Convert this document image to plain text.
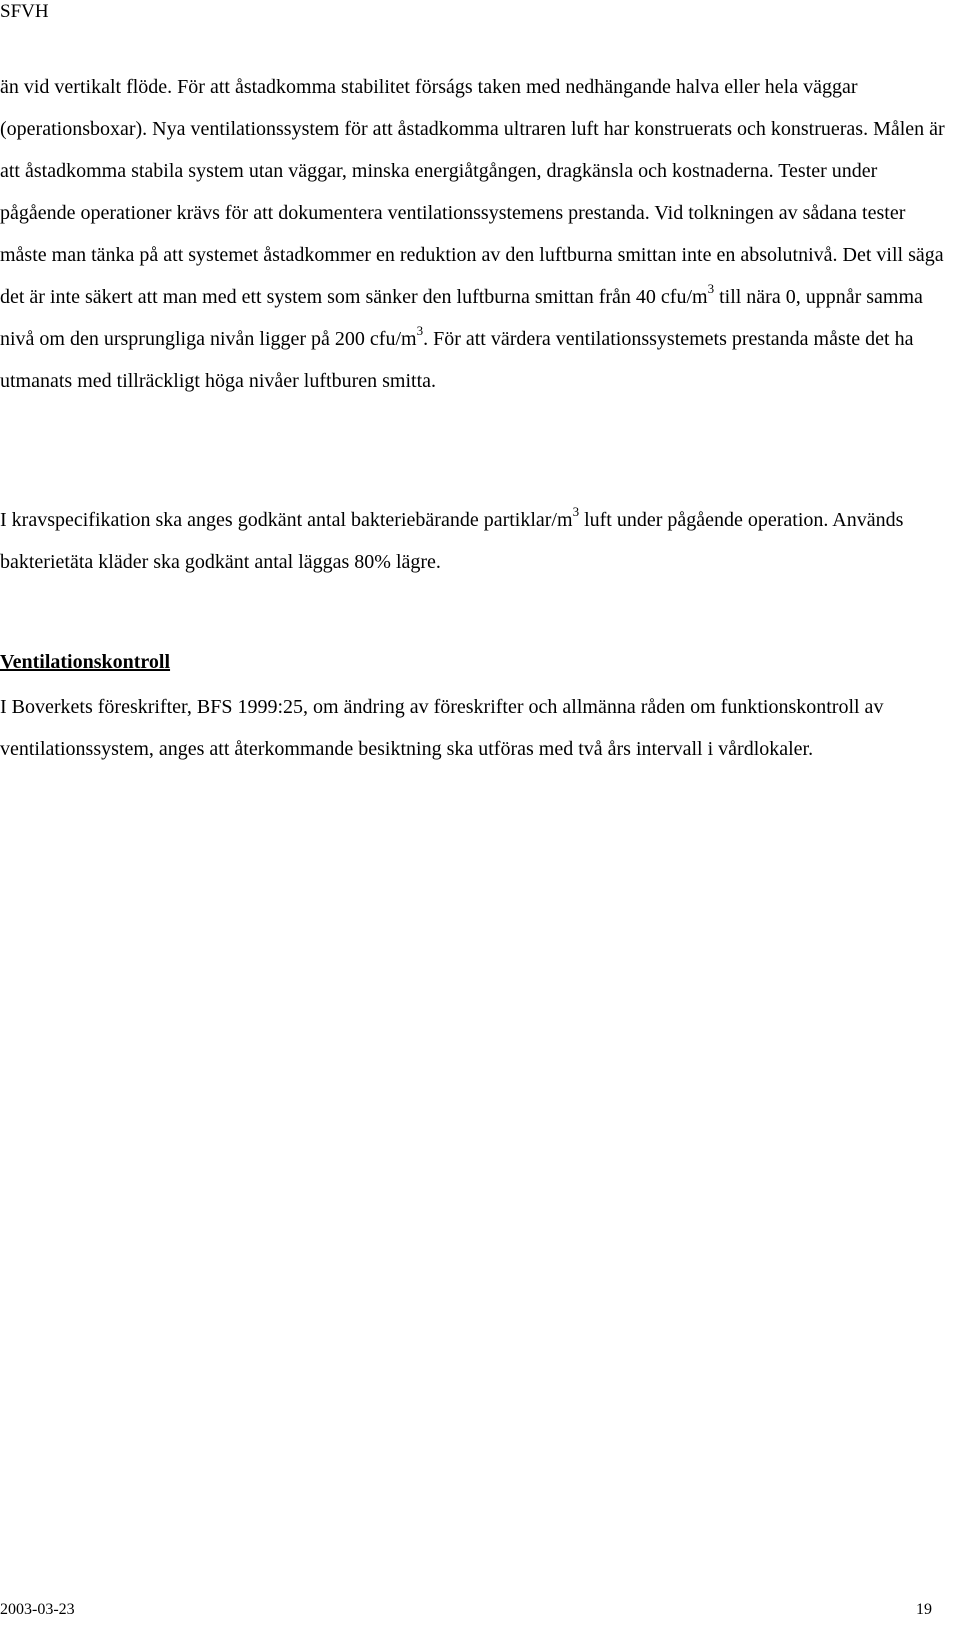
SFVH

än vid vertikalt flöde. För att åstadkomma stabilitet förságs taken med nedhängande halva eller hela väggar (operationsboxar). Nya ventilationssystem för att åstadkomma ultraren luft har konstruerats och konstrueras. Målen är att åstadkomma stabila system utan väggar, minska energiåtgången, dragkänsla och kostnaderna. Tester under pågående operationer krävs för att dokumentera ventilationssystemens prestanda. Vid tolkningen av sådana tester måste man tänka på att systemet åstadkommer en reduktion av den luftburna smittan inte en absolutnivå. Det vill säga det är inte säkert att man med ett system som sänker den luftburna smittan från 40 cfu/$m^3$ till nära 0, uppnår samma nivå om den ursprungliga nivån ligger på 200 cfu/$m^3$. För att värdera ventilationssystemets prestanda måste det ha utmanats med tillräckligt höga nivåer luftburen smitta.

I kravspecifikation ska anges godkänt antal bakteriebärande partiklar/$m^3$ luft under pågående operation. Används bakterietäta kläder ska godkänt antal läggas 80% lägre.

Ventilationskontroll

I Boverkets föreskrifter, BFS 1999:25, om ändring av föreskrifter och allmänna råden om funktionskontroll av ventilationssystem, anges att återkommande besiktning ska utföras med två års intervall i vårdlokaler.

2003-03-23	19
